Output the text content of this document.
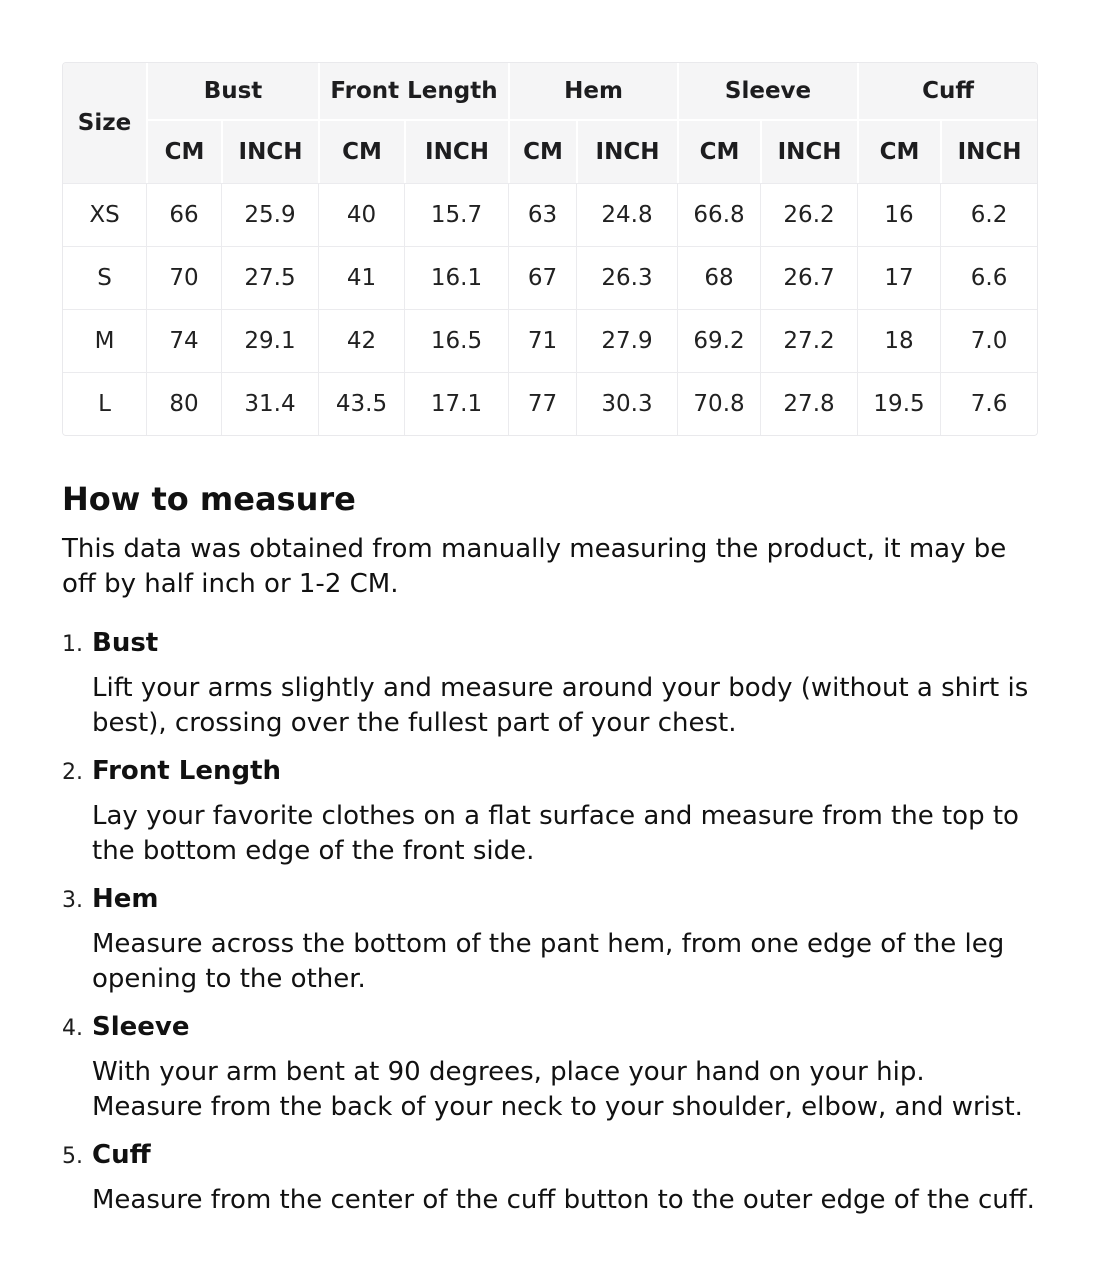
Size	Bust		Front Length		Hem		Sleeve		Cuff	
	CM	INCH	CM	INCH	CM	INCH	CM	INCH	CM	INCH
XS	66	25.9	40	15.7	63	24.8	66.8	26.2	16	6.2
S	70	27.5	41	16.1	67	26.3	68	26.7	17	6.6
M	74	29.1	42	16.5	71	27.9	69.2	27.2	18	7.0
L	80	31.4	43.5	17.1	77	30.3	70.8	27.8	19.5	7.6
How to measure

This data was obtained from manually measuring the product, it may be off by half inch or 1-2 CM.

1. Bust

Lift your arms slightly and measure around your body (without a shirt is best), crossing over the fullest part of your chest.

2. Front Length

Lay your favorite clothes on a flat surface and measure from the top to the bottom edge of the front side.

3. Hem

Measure across the bottom of the pant hem, from one edge of the leg opening to the other.

4. Sleeve

With your arm bent at 90 degrees, place your hand on your hip. Measure from the back of your neck to your shoulder, elbow, and wrist.

5. Cuff

Measure from the center of the cuff button to the outer edge of the cuff.
